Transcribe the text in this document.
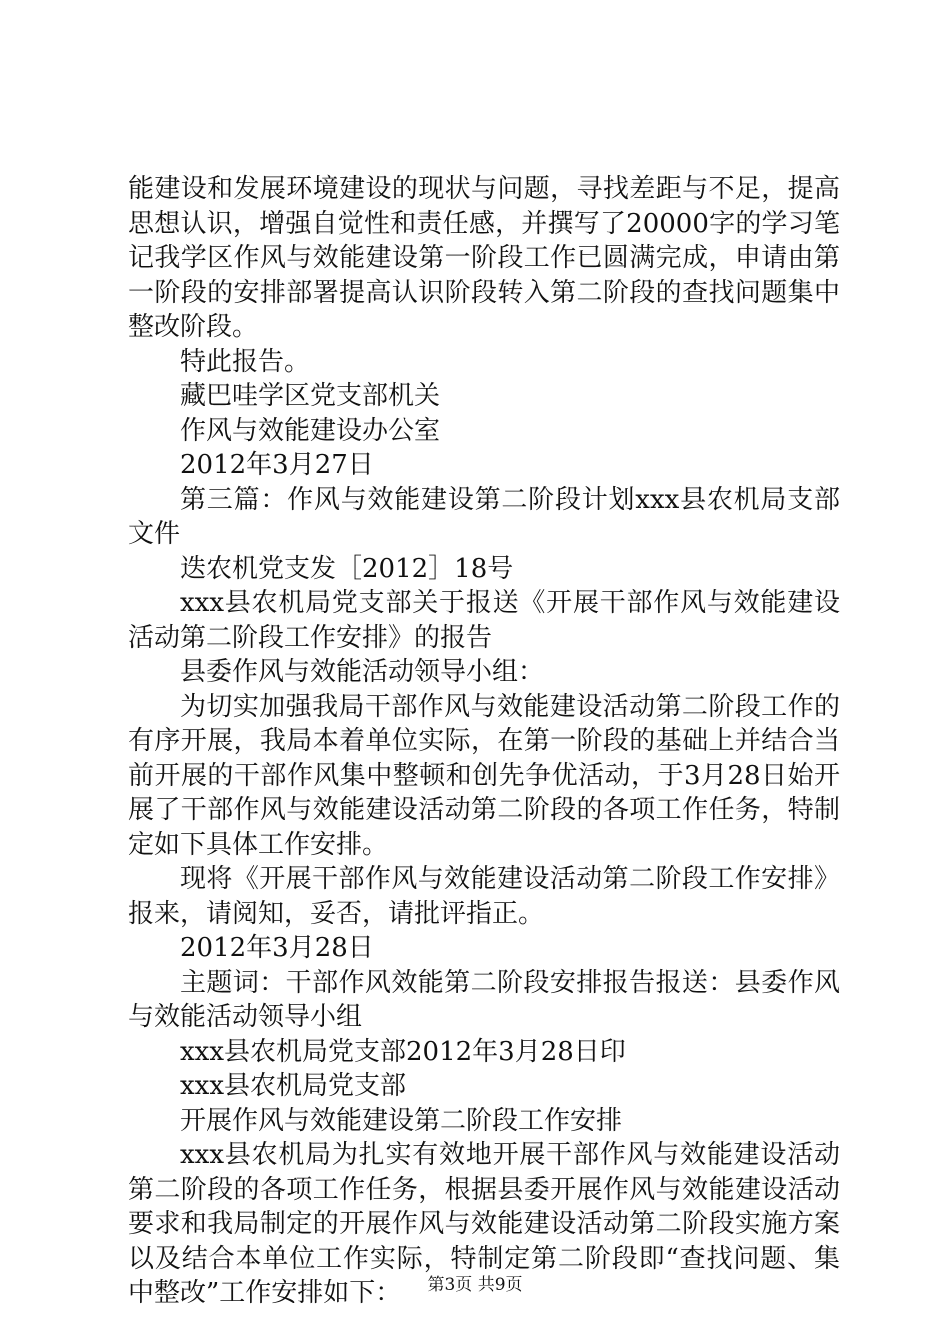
能建设和发展环境建设的现状与问题，寻找差距与不足，提高
思想认识，增强自觉性和责任感，并撰写了20000字的学习笔
记我学区作风与效能建设第一阶段工作已圆满完成，申请由第
一阶段的安排部署提高认识阶段转入第二阶段的查找问题集中
整改阶段。
特此报告。
藏巴哇学区党支部机关
作风与效能建设办公室
2012年3月27日
第三篇：作风与效能建设第二阶段计划xxx县农机局支部
文件
迭农机党支发［2012］18号
xxx县农机局党支部关于报送《开展干部作风与效能建设
活动第二阶段工作安排》的报告
县委作风与效能活动领导小组：
为切实加强我局干部作风与效能建设活动第二阶段工作的
有序开展，我局本着单位实际，在第一阶段的基础上并结合当
前开展的干部作风集中整顿和创先争优活动，于3月28日始开
展了干部作风与效能建设活动第二阶段的各项工作任务，特制
定如下具体工作安排。
现将《开展干部作风与效能建设活动第二阶段工作安排》
报来，请阅知，妥否，请批评指正。
2012年3月28日
主题词：干部作风效能第二阶段安排报告报送：县委作风
与效能活动领导小组
xxx县农机局党支部2012年3月28日印
xxx县农机局党支部
开展作风与效能建设第二阶段工作安排
xxx县农机局为扎实有效地开展干部作风与效能建设活动
第二阶段的各项工作任务，根据县委开展作风与效能建设活动
要求和我局制定的开展作风与效能建设活动第二阶段实施方案
以及结合本单位工作实际，特制定第二阶段即“查找问题、集
中整改”工作安排如下：	第3页 共9页
